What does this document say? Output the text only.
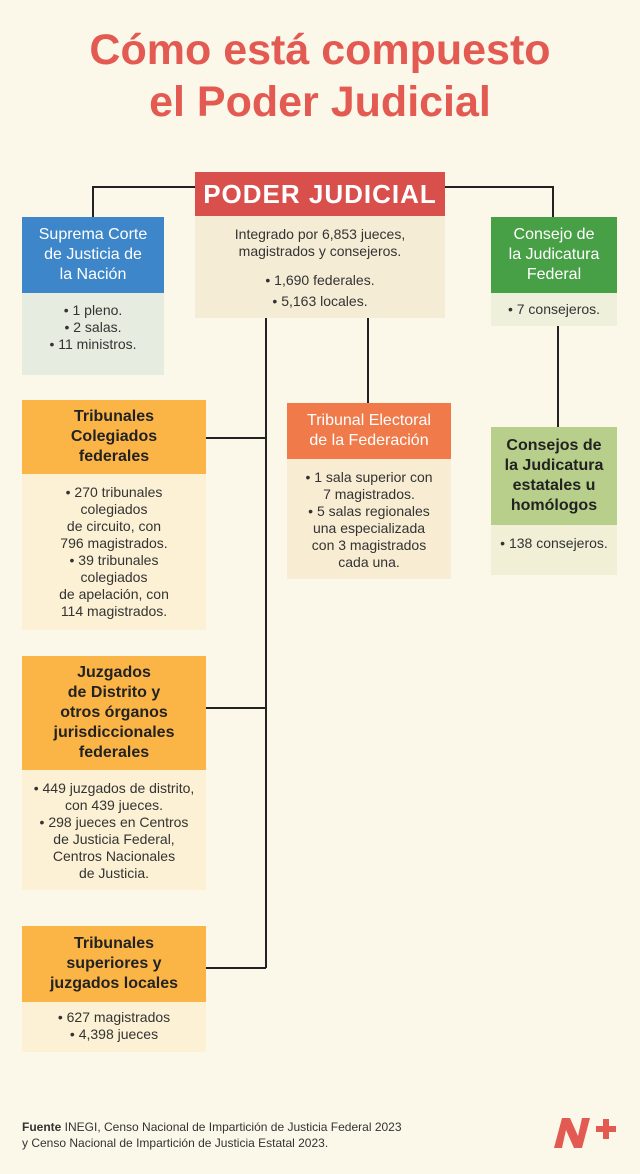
Cómo está compuesto
el Poder Judicial
PODER JUDICIAL
Integrado por 6,853 jueces,
magistrados y consejeros.
• 1,690 federales.
• 5,163 locales.
Suprema Corte
de Justicia de
la Nación
• 1 pleno.
• 2 salas.
• 11 ministros.
Consejo de
la Judicatura
Federal
• 7 consejeros.
Tribunal Electoral
de la Federación
• 1 sala superior con
7 magistrados.
• 5 salas regionales
una especializada
con 3 magistrados
cada una.
Consejos de
la Judicatura
estatales u
homólogos
• 138 consejeros.
Tribunales
Colegiados
federales
• 270 tribunales
colegiados
de circuito, con
796 magistrados.
• 39 tribunales
colegiados
de apelación, con
114 magistrados.
Juzgados
de Distrito y
otros órganos
jurisdiccionales
federales
• 449 juzgados de distrito,
con 439 jueces.
• 298 jueces en Centros
de Justicia Federal,
Centros Nacionales
de Justicia.
Tribunales
superiores y
juzgados locales
• 627 magistrados
• 4,398 jueces
Fuente INEGI, Censo Nacional de Impartición de Justicia Federal 2023
y Censo Nacional de Impartición de Justicia Estatal 2023.
